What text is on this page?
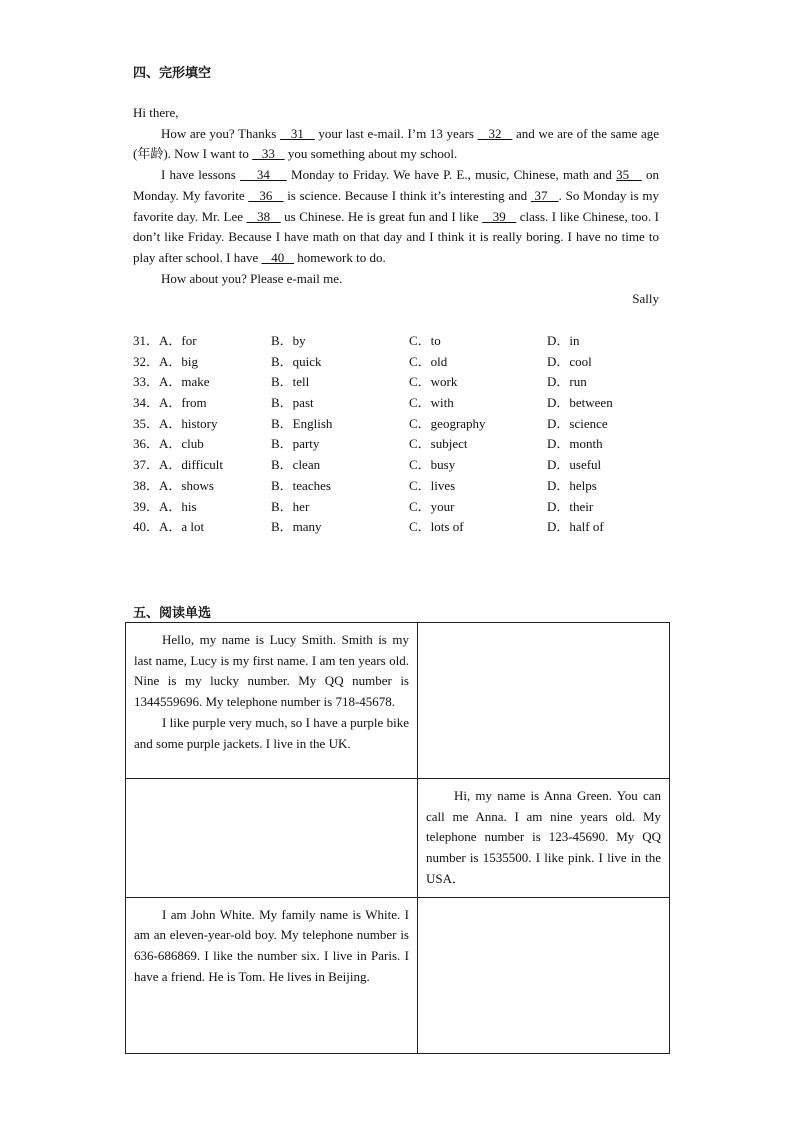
四、完形填空

Hi there,

How are you? Thanks    31    your last e-mail. I’m 13 years    32    and we are of the same age (年龄). Now I want to    33    you something about my school.

I have lessons     34     Monday to Friday. We have P. E., music, Chinese, math and 35    on Monday. My favorite    36    is science. Because I think it’s interesting and  37   . So Monday is my favorite day. Mr. Lee    38    us Chinese. He is great fun and I like    39    class. I like Chinese, too. I don’t like Friday. Because I have math on that day and I think it is really boring. I have no time to play after school. I have    40    homework to do.

How about you? Please e-mail me.

Sally

31．A．for	B．by	C．to	D．in
32．A．big	B．quick	C．old	D．cool
33．A．make	B．tell	C．work	D．run
34．A．from	B．past	C．with	D．between
35．A．history	B．English	C．geography	D．science
36．A．club	B．party	C．subject	D．month
37．A．difficult	B．clean	C．busy	D．useful
38．A．shows	B．teaches	C．lives	D．helps
39．A．his	B．her	C．your	D．their
40．A．a lot	B．many	C．lots of	D．half of
五、阅读单选

Hello, my name is Lucy Smith. Smith is my last name, Lucy is my first name. I am ten years old. Nine is my lucky number. My QQ number is 1344559696. My telephone number is 718-45678.

I like purple very much, so I have a purple bike and some purple jackets. I live in the UK.	

	Hi, my name is Anna Green. You can call me Anna. I am nine years old. My telephone number is 123-45690. My QQ number is 1535500. I like pink. I live in the USA．

I am John White. My family name is White. I am an eleven-year-old boy. My telephone number is 636-686869. I like the number six. I live in Paris. I have a friend. He is Tom. He lives in Beijing.	
